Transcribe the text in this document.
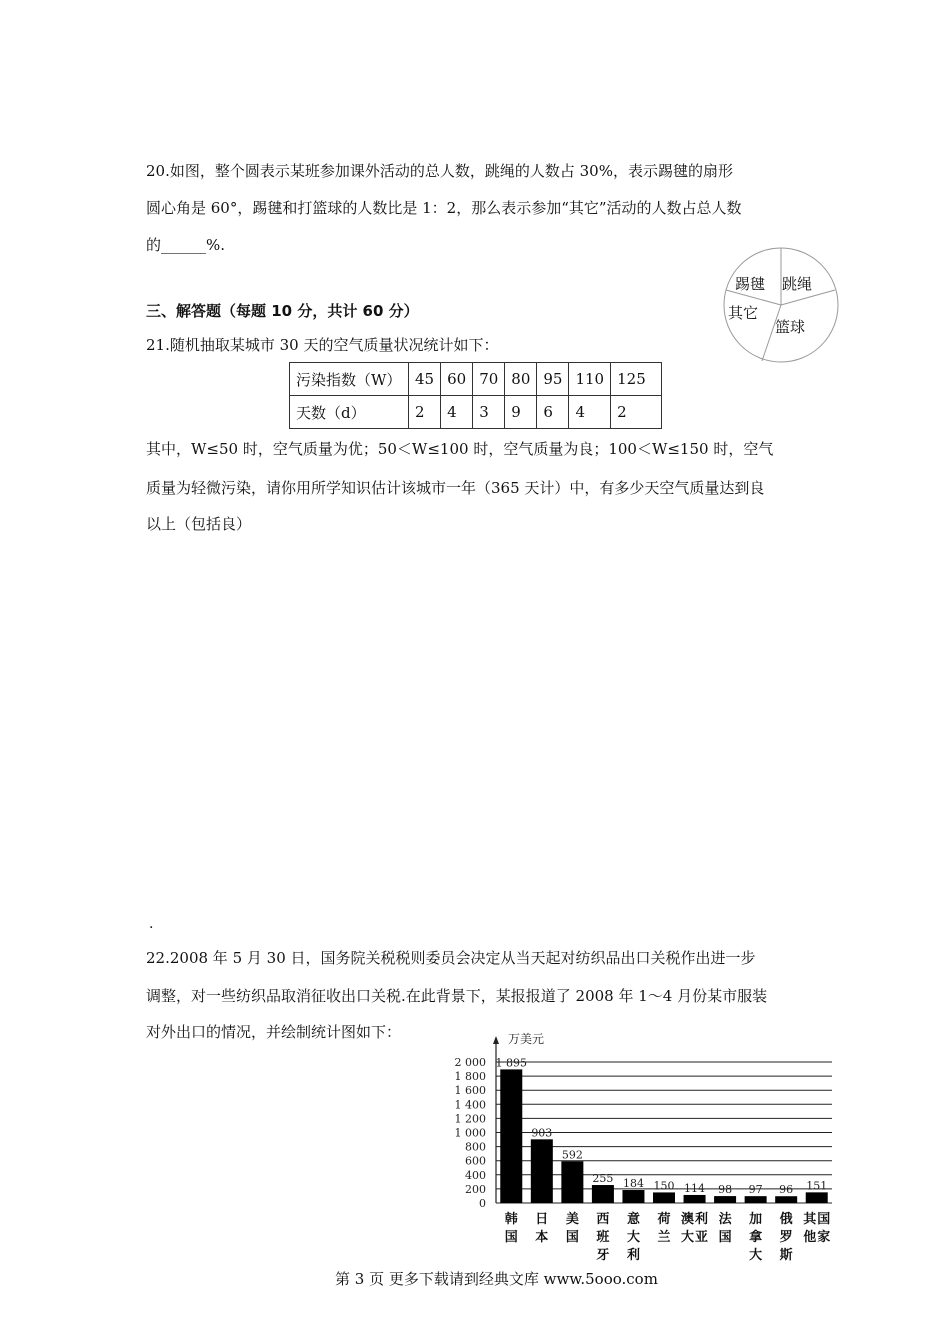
20.如图，整个圆表示某班参加课外活动的总人数，跳绳的人数占 30%，表示踢毽的扇形
圆心角是 60°，踢毽和打篮球的人数比是 1：2，那么表示参加“其它”活动的人数占总人数
的______%.
踢毽 跳绳
其它
篮球
三、解答题（每题 10 分，共计 60 分）
21.随机抽取某城市 30 天的空气质量状况统计如下：
污染指数（W）	45	60	70	80	95	110	125
天数（d）	2	4	3	9	6	4	2
其中，W≤50 时，空气质量为优；50＜W≤100 时，空气质量为良；100＜W≤150 时，空气
质量为轻微污染，请你用所学知识估计该城市一年（365 天计）中，有多少天空气质量达到良
以上（包括良）
.
22.2008 年 5 月 30 日，国务院关税税则委员会决定从当天起对纺织品出口关税作出进一步
调整，对一些纺织品取消征收出口关税.在此背景下，某报报道了 2008 年 1～4 月份某市服装
对外出口的情况，并绘制统计图如下：
2 000
1 800
1 600
1 400
1 200
1 000
800
600
400
200
0
万美元
1 895
韩
国
903
日
本
592
美
国
255
西
班
牙
184
意
大
利
150
荷
兰
114
澳
大
利
亚
98
法
国
97
加
拿
大
96
俄
罗
斯
151
其
他
国
家
第 3 页 更多下载请到经典文库 www.5ooo.com
